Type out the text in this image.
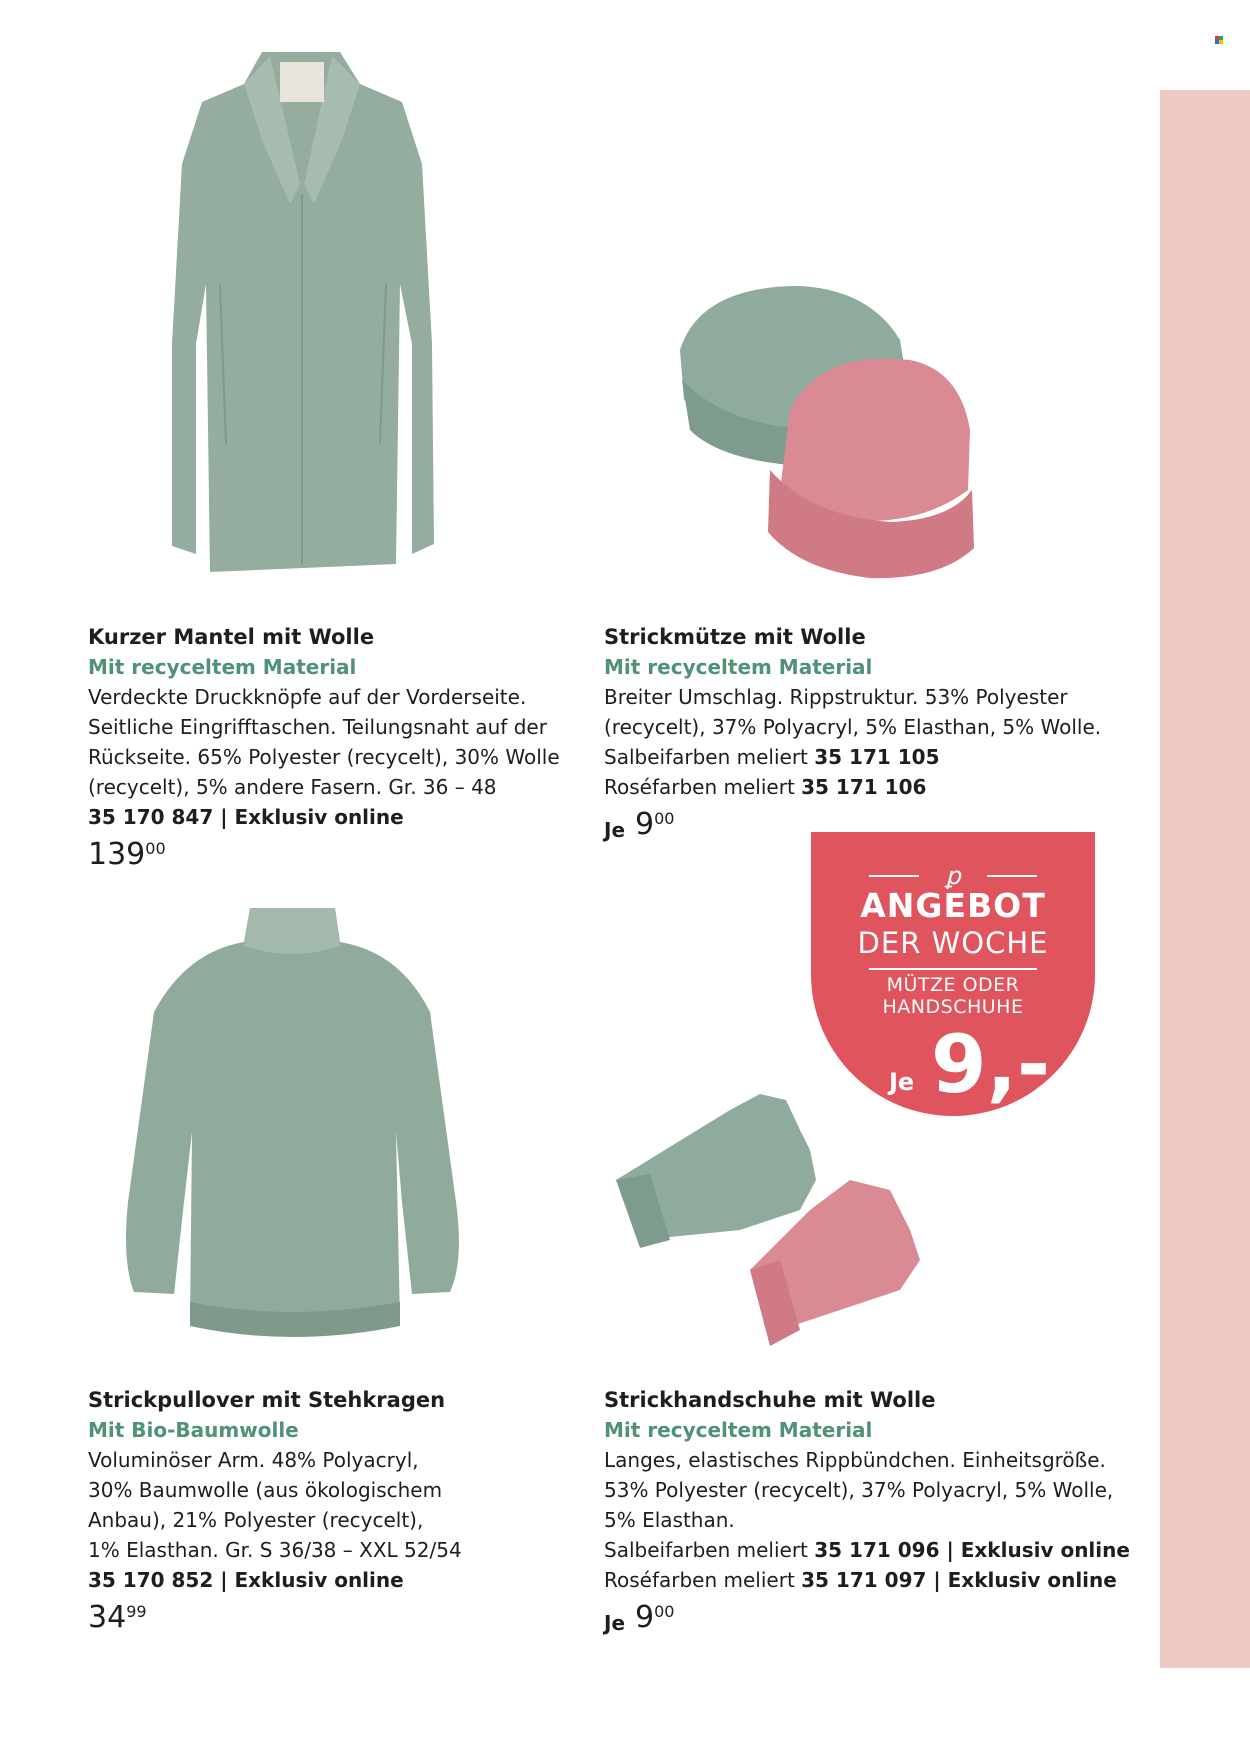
Kurzer Mantel mit Wolle
Mit recyceltem Material
Verdeckte Druckknöpfe auf der Vorderseite.
Seitliche Eingrifftaschen. Teilungsnaht auf der
Rückseite. 65% Polyester (recycelt), 30% Wolle
(recycelt), 5% andere Fasern. Gr. 36 – 48
35 170 847 | Exklusiv online
139 00
Strickmütze mit Wolle
Mit recyceltem Material
Breiter Umschlag. Rippstruktur. 53% Polyester
(recycelt), 37% Polyacryl, 5% Elasthan, 5% Wolle.
Salbeifarben meliert 35 171 105
Roséfarben meliert 35 171 106
Je 9 00
Strickpullover mit Stehkragen
Mit Bio-Baumwolle
Voluminöser Arm. 48% Polyacryl,
30% Baumwolle (aus ökologischem
Anbau), 21% Polyester (recycelt),
1% Elasthan. Gr. S 36/38 – XXL 52/54
35 170 852 | Exklusiv online
34 99
Strickhandschuhe mit Wolle
Mit recyceltem Material
Langes, elastisches Rippbündchen. Einheitsgröße.
53% Polyester (recycelt), 37% Polyacryl, 5% Wolle,
5% Elasthan.
Salbeifarben meliert 35 171 096 | Exklusiv online
Roséfarben meliert 35 171 097 | Exklusiv online
Je 9 00
ꝑ
ANGEBOT
DER WOCHE
MÜTZE ODER
HANDSCHUHE
Je 9,-
